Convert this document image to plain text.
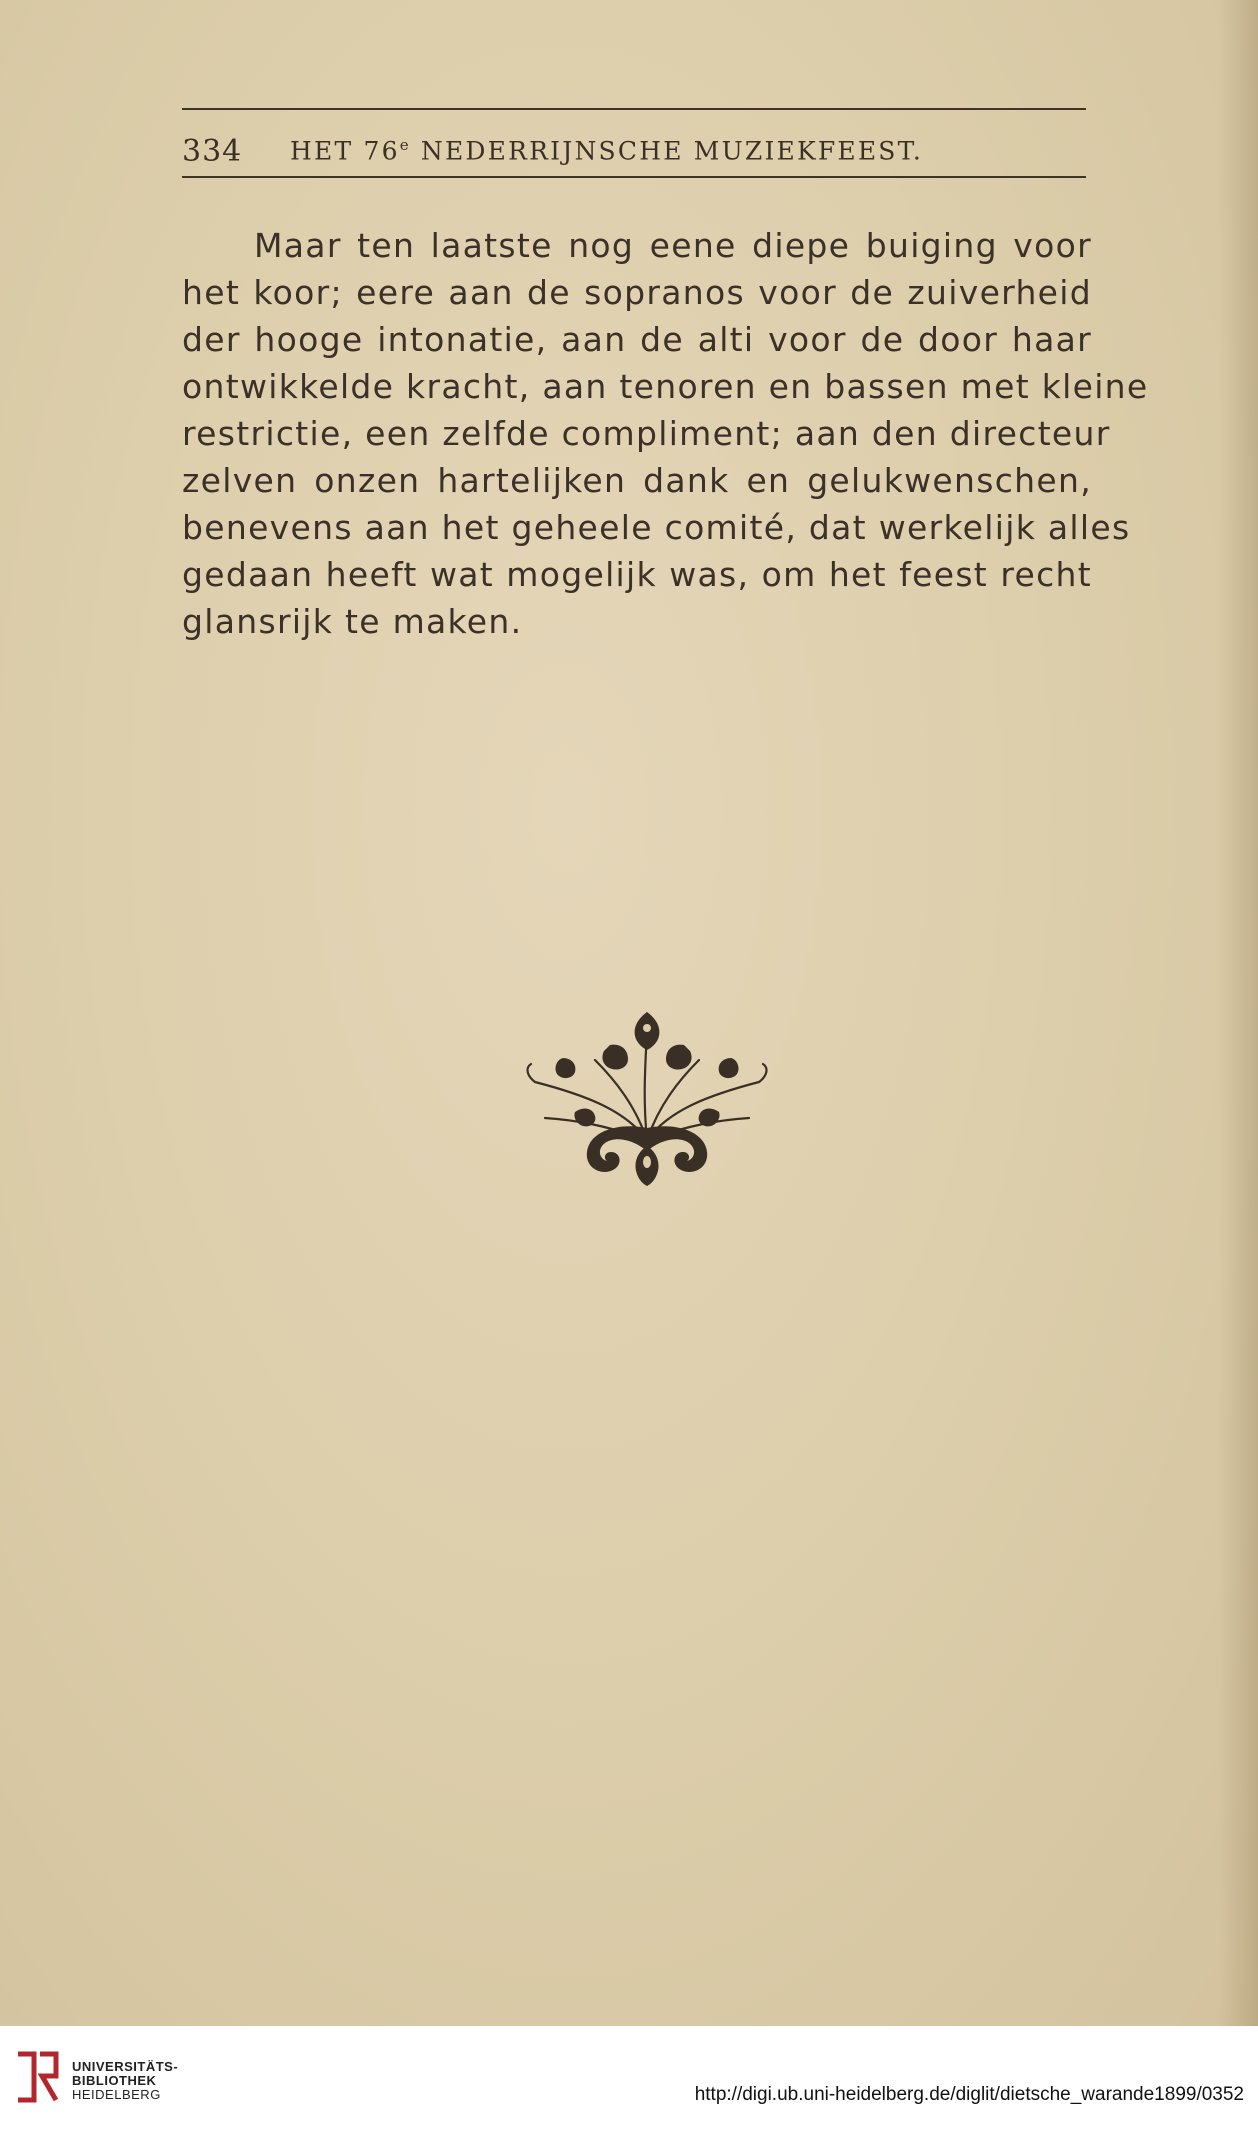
334 HET 76e NEDERRIJNSCHE MUZIEKFEEST.
Maar ten laatste nog eene diepe buiging voor
het koor; eere aan de sopranos voor de zuiverheid
der hooge intonatie, aan de alti voor de door haar
ontwikkelde kracht, aan tenoren en bassen met kleine
restrictie, een zelfde compliment; aan den directeur
zelven onzen hartelijken dank en gelukwenschen,
benevens aan het geheele comité, dat werkelijk alles
gedaan heeft wat mogelijk was, om het feest recht
glansrijk te maken.
UNIVERSITÄTS-
BIBLIOTHEK
HEIDELBERG	http://digi.ub.uni-heidelberg.de/diglit/dietsche_warande1899/0352
